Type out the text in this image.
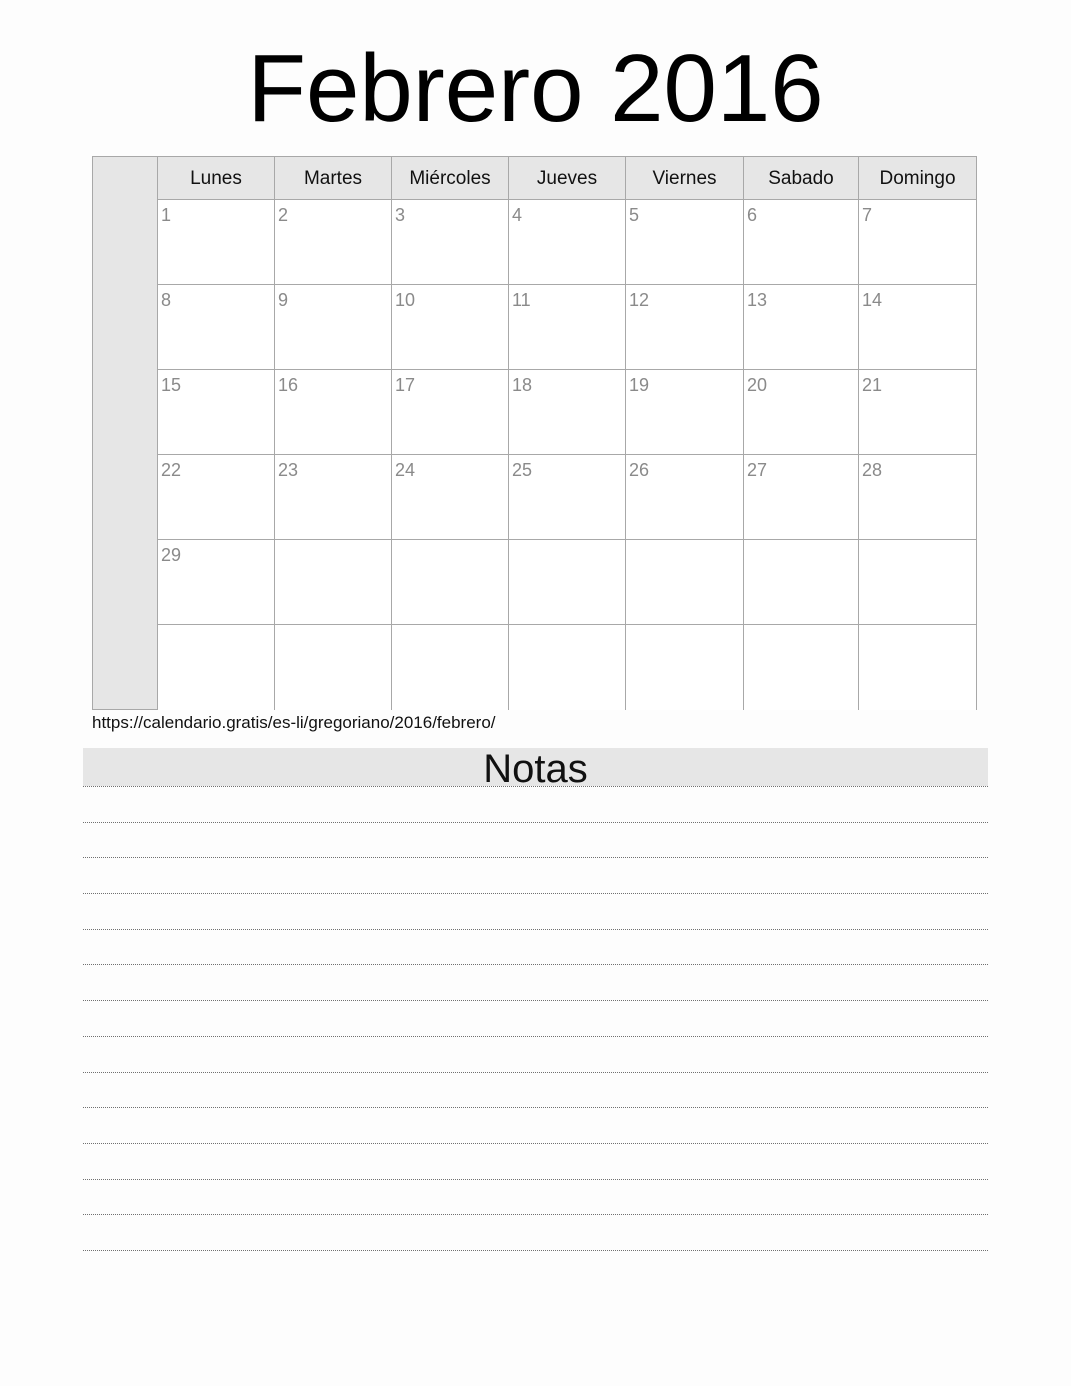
Febrero 2016
Lunes	Martes	Miércoles	Jueves	Viernes	Sabado	Domingo
1	2	3	4	5	6	7
8	9	10	11	12	13	14
15	16	17	18	19	20	21
22	23	24	25	26	27	28
29
https://calendario.gratis/es-li/gregoriano/2016/febrero/
Notas
